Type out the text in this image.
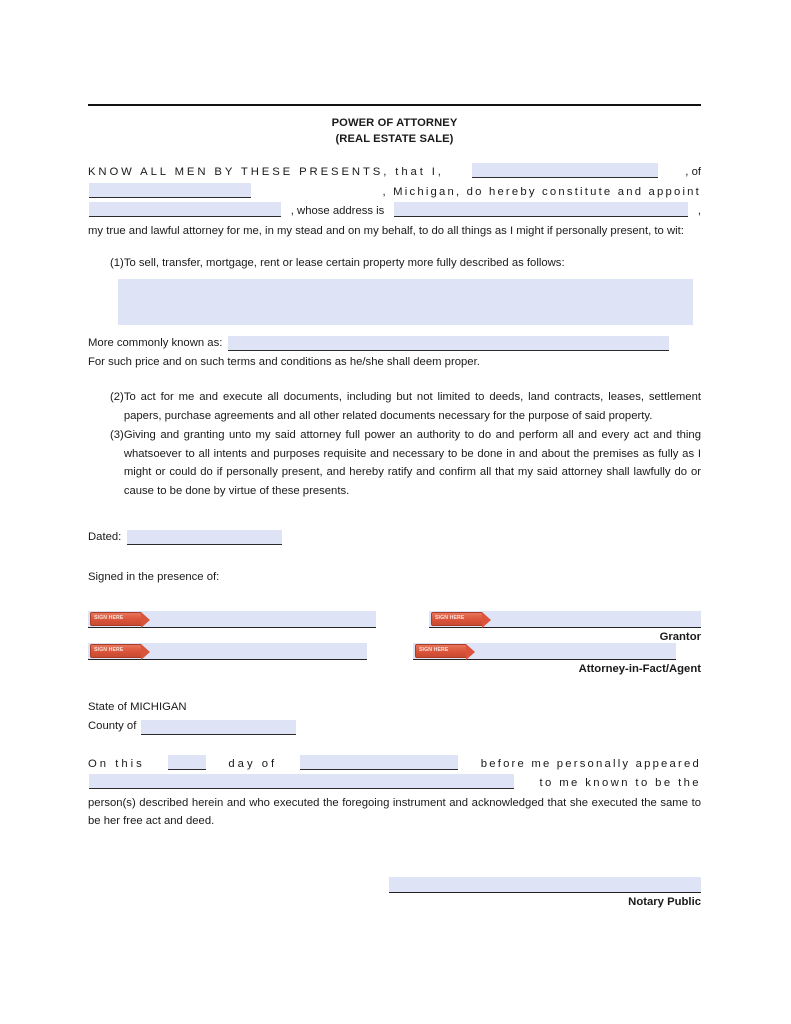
POWER OF ATTORNEY
(REAL ESTATE SALE)
KNOW ALL MEN BY THESE PRESENTS, that I,	, of
, Michigan, do hereby constitute and appoint
, whose address is	,
my true and lawful attorney for me, in my stead and on my behalf, to do all things as I might if personally present, to wit:
(1) To sell, transfer, mortgage, rent or lease certain property more fully described as follows:
More commonly known as:
For such price and on such terms and conditions as he/she shall deem proper.
(2) To act for me and execute all documents, including but not limited to deeds, land contracts, leases, settlement papers, purchase agreements and all other related documents necessary for the purpose of said property.
(3) Giving and granting unto my said attorney full power an authority to do and perform all and every act and thing whatsoever to all intents and purposes requisite and necessary to be done in and about the premises as fully as I might or could do if personally present, and hereby ratify and confirm all that my said attorney shall lawfully do or cause to be done by virtue of these presents.
Dated:
Signed in the presence of:
SIGN HERE	SIGN HERE
Grantor
SIGN HERE	SIGN HERE
Attorney-in-Fact/Agent
State of MICHIGAN
County of
On this	day of	before me personally appeared
to me known to be the
person(s) described herein and who executed the foregoing instrument and acknowledged that she executed the same to be her free act and deed.
Notary Public
